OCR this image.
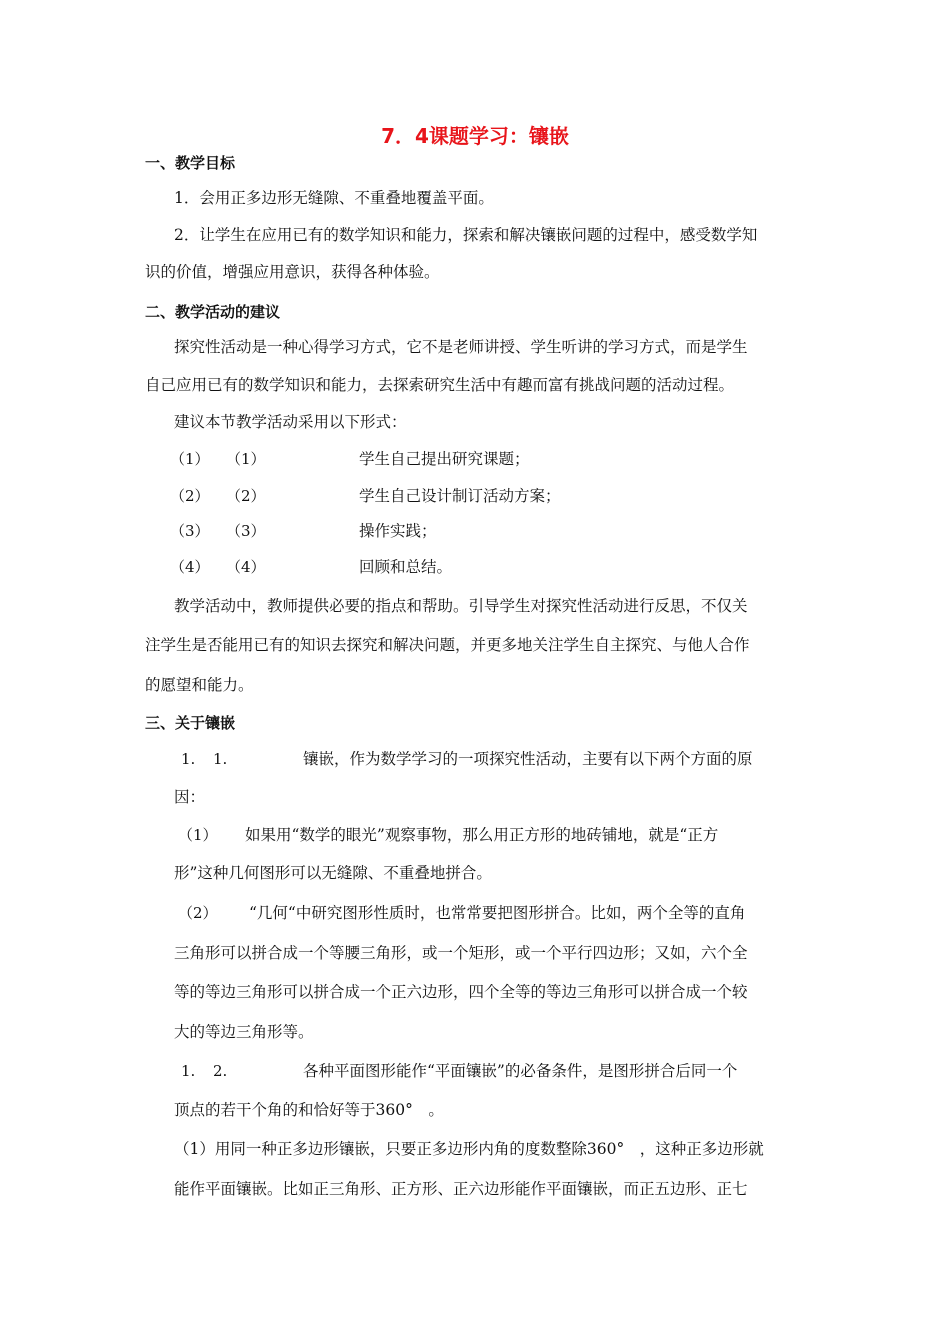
7．4课题学习：镶嵌
一、教学目标
1．会用正多边形无缝隙、不重叠地覆盖平面。
2．让学生在应用已有的数学知识和能力，探索和解决镶嵌问题的过程中，感受数学知
识的价值，增强应用意识，获得各种体验。
二、教学活动的建议
探究性活动是一种心得学习方式，它不是老师讲授、学生听讲的学习方式，而是学生
自己应用已有的数学知识和能力，去探索研究生活中有趣而富有挑战问题的活动过程。
建议本节教学活动采用以下形式：
（1） （1）	学生自己提出研究课题；
（2） （2）	学生自己设计制订活动方案；
（3） （3）	操作实践；
（4） （4）	回顾和总结。
教学活动中，教师提供必要的指点和帮助。引导学生对探究性活动进行反思，不仅关
注学生是否能用已有的知识去探究和解决问题，并更多地关注学生自主探究、与他人合作
的愿望和能力。
三、关于镶嵌
1. 1.	镶嵌，作为数学学习的一项探究性活动，主要有以下两个方面的原
因：
（1） 如果用“数学的眼光”观察事物，那么用正方形的地砖铺地，就是“正方
形”这种几何图形可以无缝隙、不重叠地拼合。
（2） “几何“中研究图形性质时，也常常要把图形拼合。比如，两个全等的直角
三角形可以拼合成一个等腰三角形，或一个矩形，或一个平行四边形；又如，六个全
等的等边三角形可以拼合成一个正六边形，四个全等的等边三角形可以拼合成一个较
大的等边三角形等。
1. 2.	各种平面图形能作“平面镶嵌”的必备条件，是图形拼合后同一个
顶点的若干个角的和恰好等于360°　。
（1）用同一种正多边形镶嵌，只要正多边形内角的度数整除360°　，这种正多边形就
能作平面镶嵌。比如正三角形、正方形、正六边形能作平面镶嵌，而正五边形、正七
